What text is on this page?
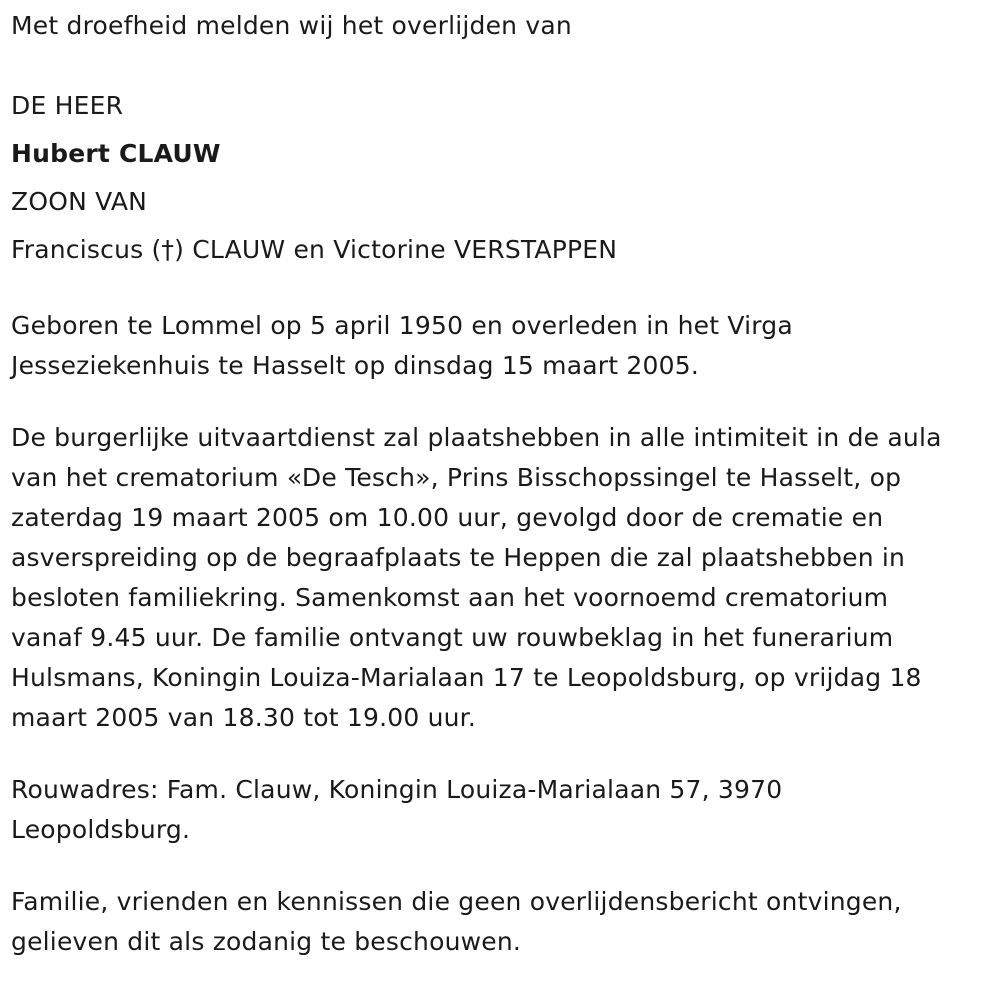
Met droefheid melden wij het overlijden van
DE HEER
Hubert CLAUW
ZOON VAN
Franciscus (†) CLAUW en Victorine VERSTAPPEN
Geboren te Lommel op 5 april 1950 en overleden in het Virga
Jesseziekenhuis te Hasselt op dinsdag 15 maart 2005.
De burgerlijke uitvaartdienst zal plaatshebben in alle intimiteit in de aula
van het crematorium «De Tesch», Prins Bisschopssingel te Hasselt, op
zaterdag 19 maart 2005 om 10.00 uur, gevolgd door de crematie en
asverspreiding op de begraafplaats te Heppen die zal plaatshebben in
besloten familiekring. Samenkomst aan het voornoemd crematorium
vanaf 9.45 uur. De familie ontvangt uw rouwbeklag in het funerarium
Hulsmans, Koningin Louiza-Marialaan 17 te Leopoldsburg, op vrijdag 18
maart 2005 van 18.30 tot 19.00 uur.
Rouwadres: Fam. Clauw, Koningin Louiza-Marialaan 57, 3970
Leopoldsburg.
Familie, vrienden en kennissen die geen overlijdensbericht ontvingen,
gelieven dit als zodanig te beschouwen.
